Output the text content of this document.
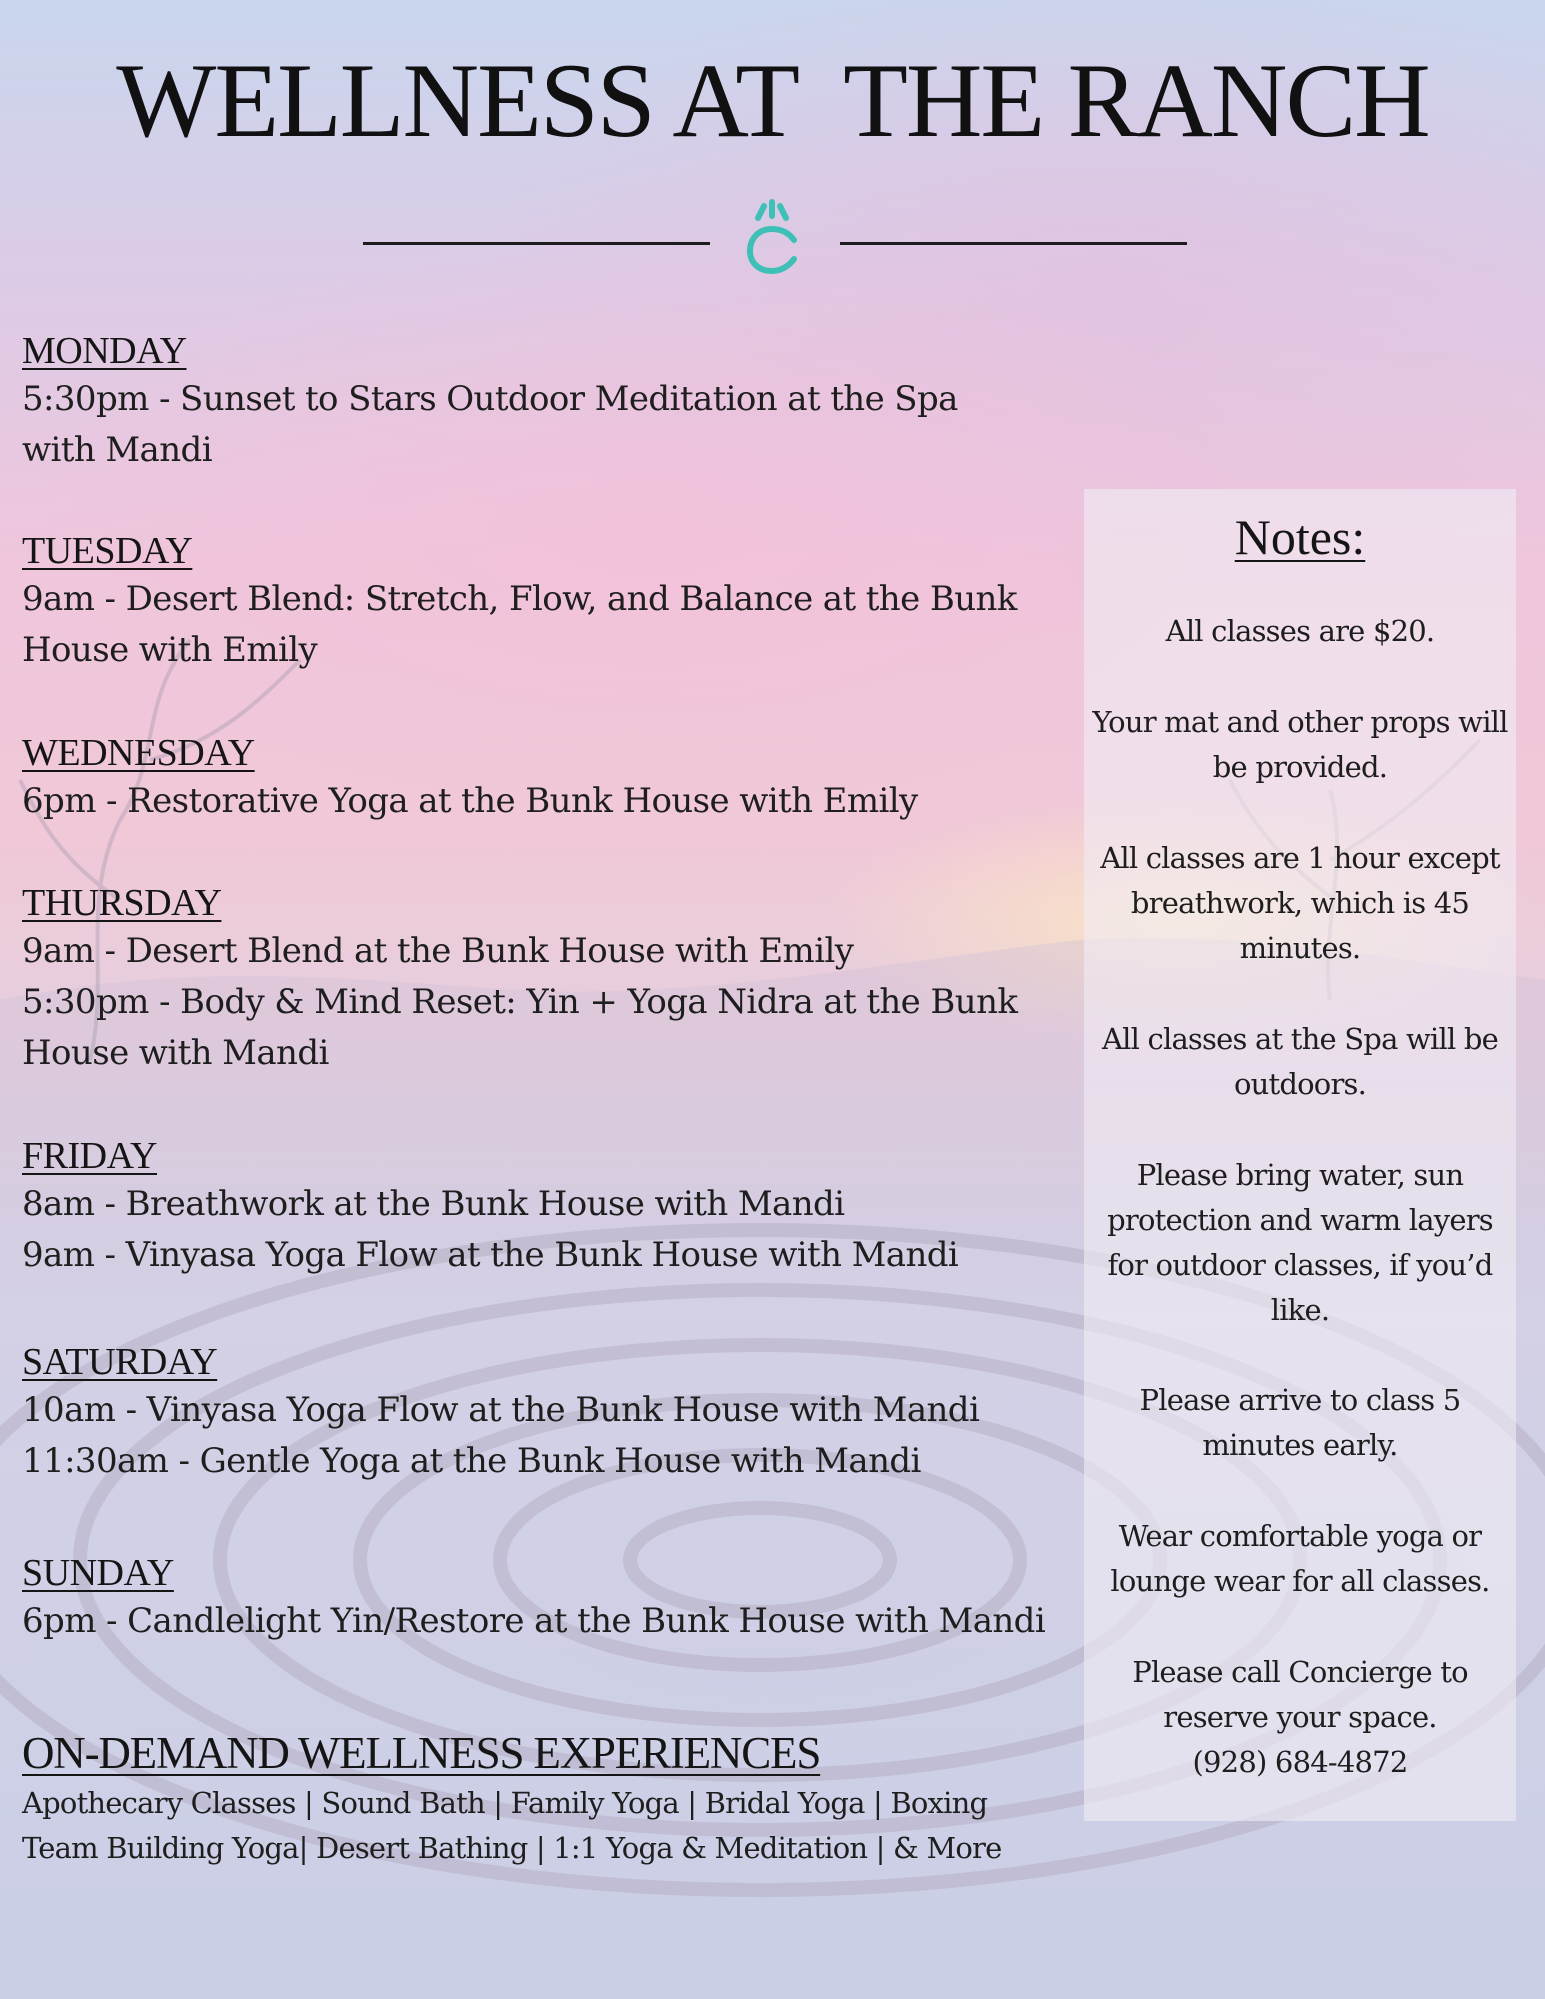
WELLNESS AT  THE RANCH
MONDAY
5:30pm - Sunset to Stars Outdoor Meditation at the Spa
with Mandi
TUESDAY
9am - Desert Blend: Stretch, Flow, and Balance at the Bunk
House with Emily
WEDNESDAY
6pm - Restorative Yoga at the Bunk House with Emily
THURSDAY
9am - Desert Blend at the Bunk House with Emily
5:30pm - Body & Mind Reset: Yin + Yoga Nidra at the Bunk
House with Mandi
FRIDAY
8am - Breathwork at the Bunk House with Mandi
9am - Vinyasa Yoga Flow at the Bunk House with Mandi
SATURDAY
10am - Vinyasa Yoga Flow at the Bunk House with Mandi
11:30am - Gentle Yoga at the Bunk House with Mandi
SUNDAY
6pm - Candlelight Yin/Restore at the Bunk House with Mandi
ON-DEMAND WELLNESS EXPERIENCES
Apothecary Classes | Sound Bath | Family Yoga | Bridal Yoga | Boxing
Team Building Yoga| Desert Bathing | 1:1 Yoga & Meditation | & More
Notes:
All classes are $20.
Your mat and other props will be provided.
All classes are 1 hour except breathwork, which is 45 minutes.
All classes at the Spa will be outdoors.
Please bring water, sun protection and warm layers for outdoor classes, if you’d like.
Please arrive to class 5 minutes early.
Wear comfortable yoga or lounge wear for all classes.
Please call Concierge to reserve your space.
(928) 684-4872
